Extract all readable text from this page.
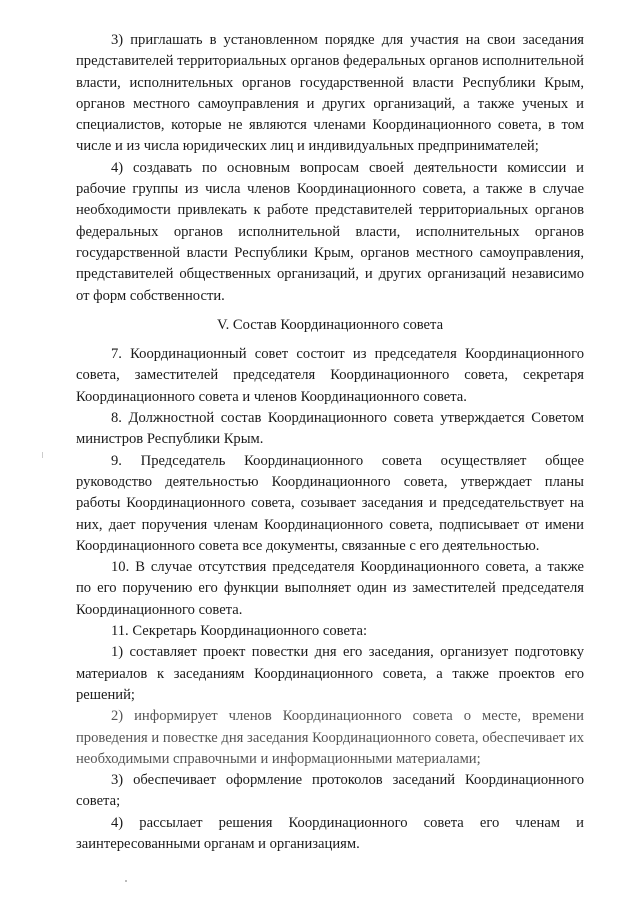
3) приглашать в установленном порядке для участия на свои заседания представителей территориальных органов федеральных органов исполнительной власти, исполнительных органов государственной власти Республики Крым, органов местного самоуправления и других организаций, а также ученых и специалистов, которые не являются членами Координационного совета, в том числе и из числа юридических лиц и индивидуальных предпринимателей;

4) создавать по основным вопросам своей деятельности комиссии и рабочие группы из числа членов Координационного совета, а также в случае необходимости привлекать к работе представителей территориальных органов федеральных органов исполнительной власти, исполнительных органов государственной власти Республики Крым, органов местного самоуправления, представителей общественных организаций, и других организаций независимо от форм собственности.

V. Состав Координационного совета

7. Координационный совет состоит из председателя Координационного совета, заместителей председателя Координационного совета, секретаря Координационного совета и членов Координационного совета.

8. Должностной состав Координационного совета утверждается Советом министров Республики Крым.

9. Председатель Координационного совета осуществляет общее руководство деятельностью Координационного совета, утверждает планы работы Координационного совета, созывает заседания и председательствует на них, дает поручения членам Координационного совета, подписывает от имени Координационного совета все документы, связанные с его деятельностью.

10. В случае отсутствия председателя Координационного совета, а также по его поручению его функции выполняет один из заместителей председателя Координационного совета.

11. Секретарь Координационного совета:

1) составляет проект повестки дня его заседания, организует подготовку материалов к заседаниям Координационного совета, а также проектов его решений;

2) информирует членов Координационного совета о месте, времени проведения и повестке дня заседания Координационного совета, обеспечивает их необходимыми справочными и информационными материалами;

3) обеспечивает оформление протоколов заседаний Координационного совета;

4) рассылает решения Координационного совета его членам и заинтересованными органам и организациям.
